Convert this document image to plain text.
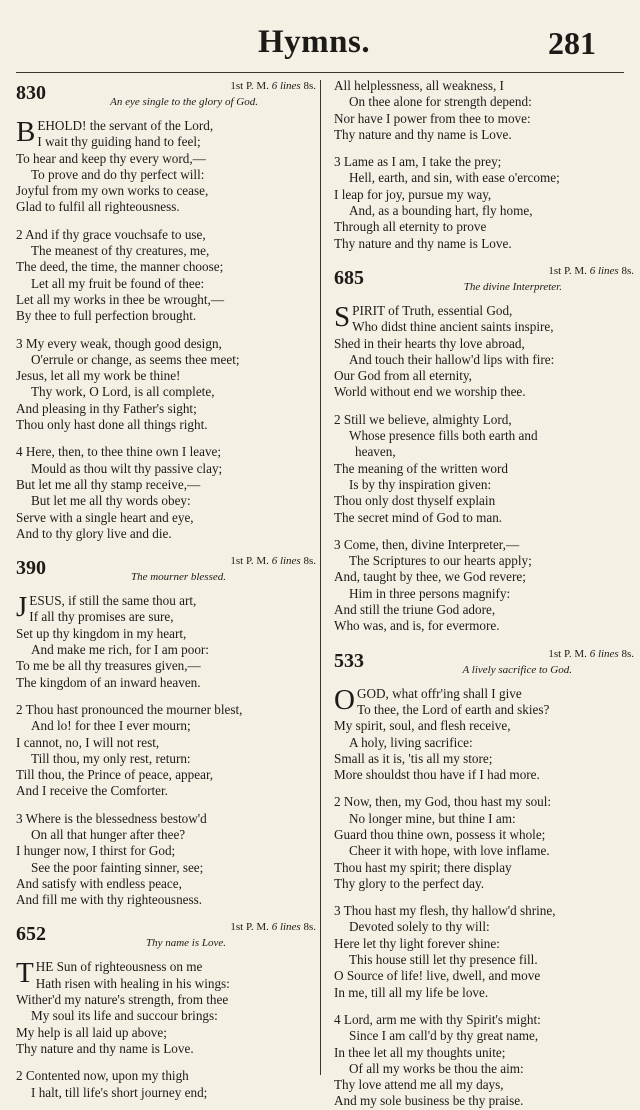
Hymns.	281
830	1st P. M. 6 lines 8s.
An eye single to the glory of God.
B EHOLD! the servant of the Lord,
I wait thy guiding hand to feel;
To hear and keep thy every word,—
To prove and do thy perfect will:
Joyful from my own works to cease,
Glad to fulfil all righteousness.
2 And if thy grace vouchsafe to use,
The meanest of thy creatures, me,
The deed, the time, the manner choose;
Let all my fruit be found of thee:
Let all my works in thee be wrought,—
By thee to full perfection brought.
3 My every weak, though good design,
O'errule or change, as seems thee meet;
Jesus, let all my work be thine!
Thy work, O Lord, is all complete,
And pleasing in thy Father's sight;
Thou only hast done all things right.
4 Here, then, to thee thine own I leave;
Mould as thou wilt thy passive clay;
But let me all thy stamp receive,—
But let me all thy words obey:
Serve with a single heart and eye,
And to thy glory live and die.
390	1st P. M. 6 lines 8s.
The mourner blessed.
J ESUS, if still the same thou art,
If all thy promises are sure,
Set up thy kingdom in my heart,
And make me rich, for I am poor:
To me be all thy treasures given,—
The kingdom of an inward heaven.
2 Thou hast pronounced the mourner blest,
And lo! for thee I ever mourn;
I cannot, no, I will not rest,
Till thou, my only rest, return:
Till thou, the Prince of peace, appear,
And I receive the Comforter.
3 Where is the blessedness bestow'd
On all that hunger after thee?
I hunger now, I thirst for God;
See the poor fainting sinner, see;
And satisfy with endless peace,
And fill me with thy righteousness.
652	1st P. M. 6 lines 8s.
Thy name is Love.
T HE Sun of righteousness on me
Hath risen with healing in his wings:
Wither'd my nature's strength, from thee
My soul its life and succour brings:
My help is all laid up above;
Thy nature and thy name is Love.
2 Contented now, upon my thigh
I halt, till life's short journey end;
All helplessness, all weakness, I
On thee alone for strength depend:
Nor have I power from thee to move:
Thy nature and thy name is Love.
3 Lame as I am, I take the prey;
Hell, earth, and sin, with ease o'ercome;
I leap for joy, pursue my way,
And, as a bounding hart, fly home,
Through all eternity to prove
Thy nature and thy name is Love.
685	1st P. M. 6 lines 8s.
The divine Interpreter.
S PIRIT of Truth, essential God,
Who didst thine ancient saints inspire,
Shed in their hearts thy love abroad,
And touch their hallow'd lips with fire:
Our God from all eternity,
World without end we worship thee.
2 Still we believe, almighty Lord,
Whose presence fills both earth and
heaven,
The meaning of the written word
Is by thy inspiration given:
Thou only dost thyself explain
The secret mind of God to man.
3 Come, then, divine Interpreter,—
The Scriptures to our hearts apply;
And, taught by thee, we God revere;
Him in three persons magnify:
And still the triune God adore,
Who was, and is, for evermore.
533	1st P. M. 6 lines 8s.
A lively sacrifice to God.
O GOD, what offr'ing shall I give
To thee, the Lord of earth and skies?
My spirit, soul, and flesh receive,
A holy, living sacrifice:
Small as it is, 'tis all my store;
More shouldst thou have if I had more.
2 Now, then, my God, thou hast my soul:
No longer mine, but thine I am:
Guard thou thine own, possess it whole;
Cheer it with hope, with love inflame.
Thou hast my spirit; there display
Thy glory to the perfect day.
3 Thou hast my flesh, thy hallow'd shrine,
Devoted solely to thy will:
Here let thy light forever shine:
This house still let thy presence fill.
O Source of life! live, dwell, and move
In me, till all my life be love.
4 Lord, arm me with thy Spirit's might:
Since I am call'd by thy great name,
In thee let all my thoughts unite;
Of all my works be thou the aim:
Thy love attend me all my days,
And my sole business be thy praise.
